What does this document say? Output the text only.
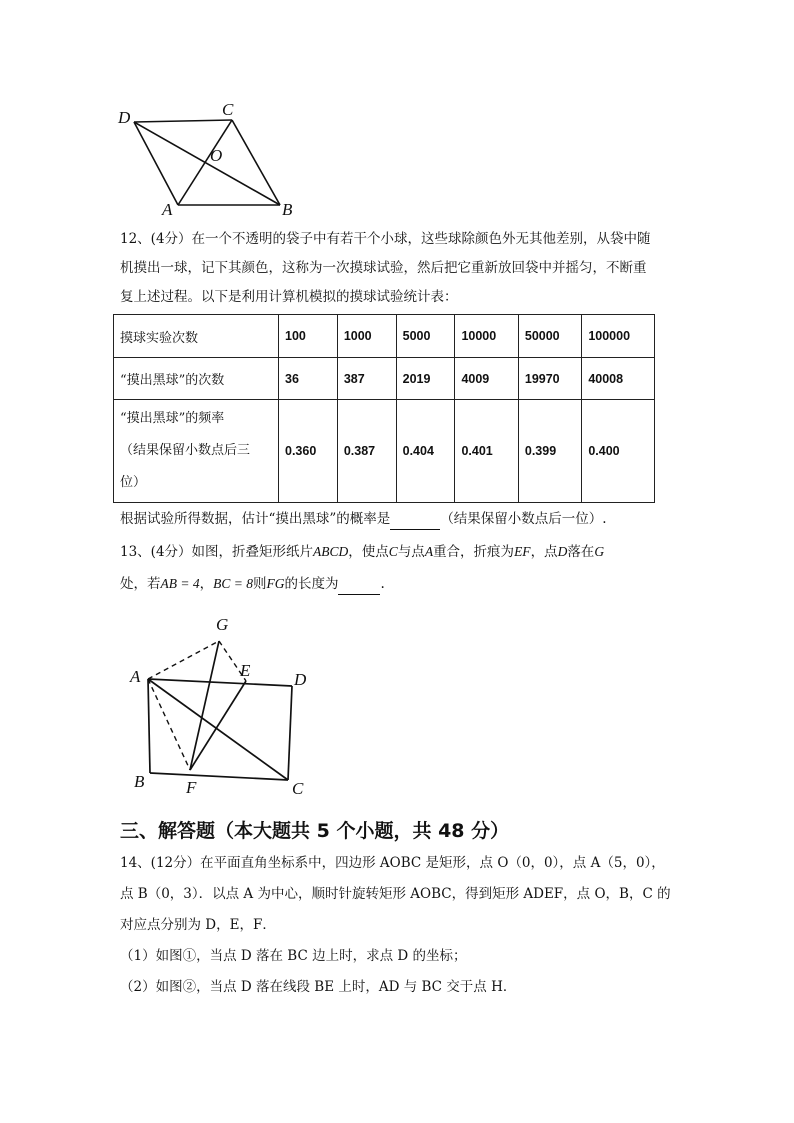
D	C
O
A	B
12、(4分）在一个不透明的袋子中有若干个小球，这些球除颜色外无其他差别，从袋中随
机摸出一球，记下其颜色，这称为一次摸球试验，然后把它重新放回袋中并摇匀，不断重
复上述过程。以下是利用计算机模拟的摸球试验统计表：
摸球实验次数	100	1000	5000	10000	50000	100000
“摸出黑球”的次数	36	387	2019	4009	19970	40008

“摸出黑球”的频率
（结果保留小数点后三
位）	0.360	0.387	0.404	0.401	0.399	0.400
根据试验所得数据，估计“摸出黑球”的概率是	（结果保留小数点后一位）.
13、(4分）如图，折叠矩形纸片ABCD，使点C与点A重合，折痕为EF，点D落在G
处，若AB = 4，BC = 8则FG的长度为	.
G
A	E	D
B F	C
三、解答题（本大题共 5 个小题，共 48 分）
14、(12分）在平面直角坐标系中，四边形 AOBC 是矩形，点 O（0，0），点 A（5，0），
点 B（0，3）．以点 A 为中心，顺时针旋转矩形 AOBC，得到矩形 ADEF，点 O，B，C 的
对应点分别为 D，E，F．
（1）如图①，当点 D 落在 BC 边上时，求点 D 的坐标；
（2）如图②，当点 D 落在线段 BE 上时，AD 与 BC 交于点 H．
